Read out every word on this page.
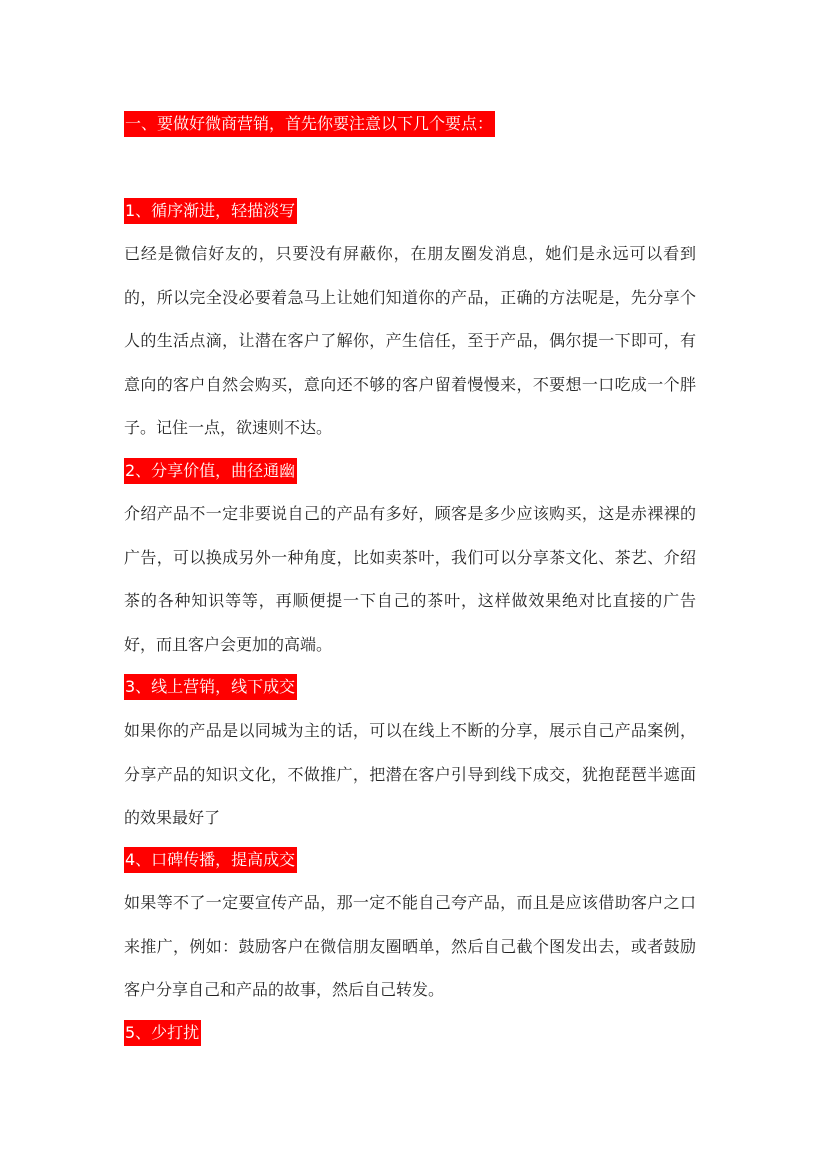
一、要做好微商营销，首先你要注意以下几个要点：
1、循序渐进，轻描淡写

已经是微信好友的，只要没有屏蔽你，在朋友圈发消息，她们是永远可以看到的，所以完全没必要着急马上让她们知道你的产品，正确的方法呢是，先分享个人的生活点滴，让潜在客户了解你，产生信任，至于产品，偶尔提一下即可，有意向的客户自然会购买，意向还不够的客户留着慢慢来，不要想一口吃成一个胖子。记住一点，欲速则不达。

2、分享价值，曲径通幽

介绍产品不一定非要说自己的产品有多好，顾客是多少应该购买，这是赤裸裸的广告，可以换成另外一种角度，比如卖茶叶，我们可以分享茶文化、茶艺、介绍茶的各种知识等等，再顺便提一下自己的茶叶，这样做效果绝对比直接的广告好，而且客户会更加的高端。

3、线上营销，线下成交

如果你的产品是以同城为主的话，可以在线上不断的分享，展示自己产品案例，分享产品的知识文化，不做推广，把潜在客户引导到线下成交，犹抱琵琶半遮面的效果最好了

4、口碑传播，提高成交

如果等不了一定要宣传产品，那一定不能自己夸产品，而且是应该借助客户之口来推广，例如：鼓励客户在微信朋友圈晒单，然后自己截个图发出去，或者鼓励客户分享自己和产品的故事，然后自己转发。

5、少打扰
